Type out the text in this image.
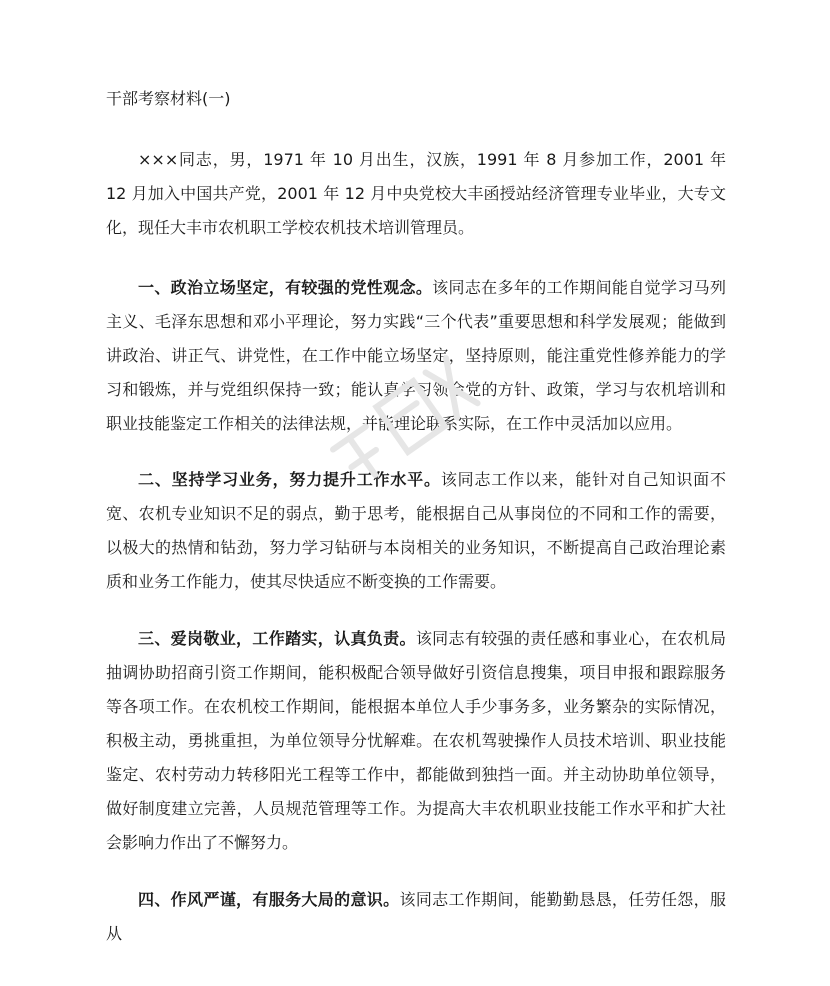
干部考察材料(一)

×××同志，男，1971 年 10 月出生，汉族，1991 年 8 月参加工作，2001 年 12 月加入中国共产党，2001 年 12 月中央党校大丰函授站经济管理专业毕业，大专文化，现任大丰市农机职工学校农机技术培训管理员。

一、政治立场坚定，有较强的党性观念。该同志在多年的工作期间能自觉学习马列主义、毛泽东思想和邓小平理论，努力实践“三个代表”重要思想和科学发展观；能做到讲政治、讲正气、讲党性，在工作中能立场坚定，坚持原则，能注重党性修养能力的学习和锻炼，并与党组织保持一致；能认真学习领会党的方针、政策，学习与农机培训和职业技能鉴定工作相关的法律法规，并能理论联系实际，在工作中灵活加以应用。

二、坚持学习业务，努力提升工作水平。该同志工作以来，能针对自己知识面不宽、农机专业知识不足的弱点，勤于思考，能根据自己从事岗位的不同和工作的需要，以极大的热情和钻劲，努力学习钻研与本岗相关的业务知识，不断提高自己政治理论素质和业务工作能力，使其尽快适应不断变换的工作需要。

三、爱岗敬业，工作踏实，认真负责。该同志有较强的责任感和事业心，在农机局抽调协助招商引资工作期间，能积极配合领导做好引资信息搜集，项目申报和跟踪服务等各项工作。在农机校工作期间，能根据本单位人手少事务多，业务繁杂的实际情况，积极主动，勇挑重担，为单位领导分忧解难。在农机驾驶操作人员技术培训、职业技能鉴定、农村劳动力转移阳光工程等工作中，都能做到独挡一面。并主动协助单位领导，做好制度建立完善，人员规范管理等工作。为提高大丰农机职业技能工作水平和扩大社会影响力作出了不懈努力。

四、作风严谨，有服务大局的意识。该同志工作期间，能勤勤恳恳，任劳任怨，服从
